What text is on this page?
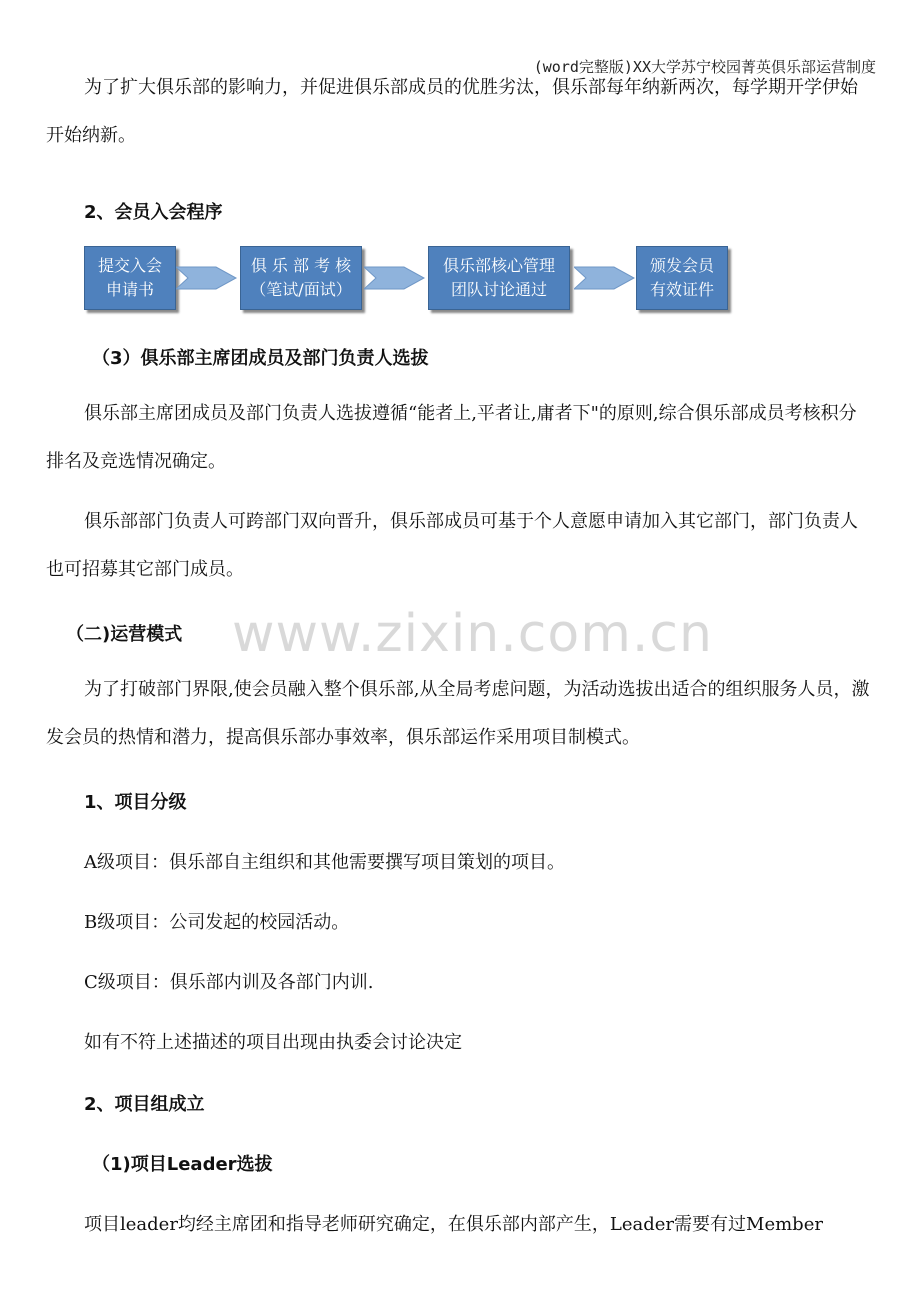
(word完整版)XX大学苏宁校园菁英俱乐部运营制度
为了扩大俱乐部的影响力，并促进俱乐部成员的优胜劣汰，俱乐部每年纳新两次，每学期开学伊始开始纳新。
2、会员入会程序
提交入会
申请书
俱 乐 部 考 核
（笔试/面试）
俱乐部核心管理
团队讨论通过
颁发会员
有效证件
（3）俱乐部主席团成员及部门负责人选拔
俱乐部主席团成员及部门负责人选拔遵循“能者上,平者让,庸者下"的原则,综合俱乐部成员考核积分排名及竞选情况确定。
俱乐部部门负责人可跨部门双向晋升，俱乐部成员可基于个人意愿申请加入其它部门，部门负责人也可招募其它部门成员。
www.zixin.com.cn
（二)运营模式
为了打破部门界限,使会员融入整个俱乐部,从全局考虑问题，为活动选拔出适合的组织服务人员，激发会员的热情和潜力，提高俱乐部办事效率，俱乐部运作采用项目制模式。
1、项目分级
A级项目：俱乐部自主组织和其他需要撰写项目策划的项目。
B级项目：公司发起的校园活动。
C级项目：俱乐部内训及各部门内训.
如有不符上述描述的项目出现由执委会讨论决定
2、项目组成立
（1)项目Leader选拔
项目leader均经主席团和指导老师研究确定，在俱乐部内部产生，Leader需要有过Member
